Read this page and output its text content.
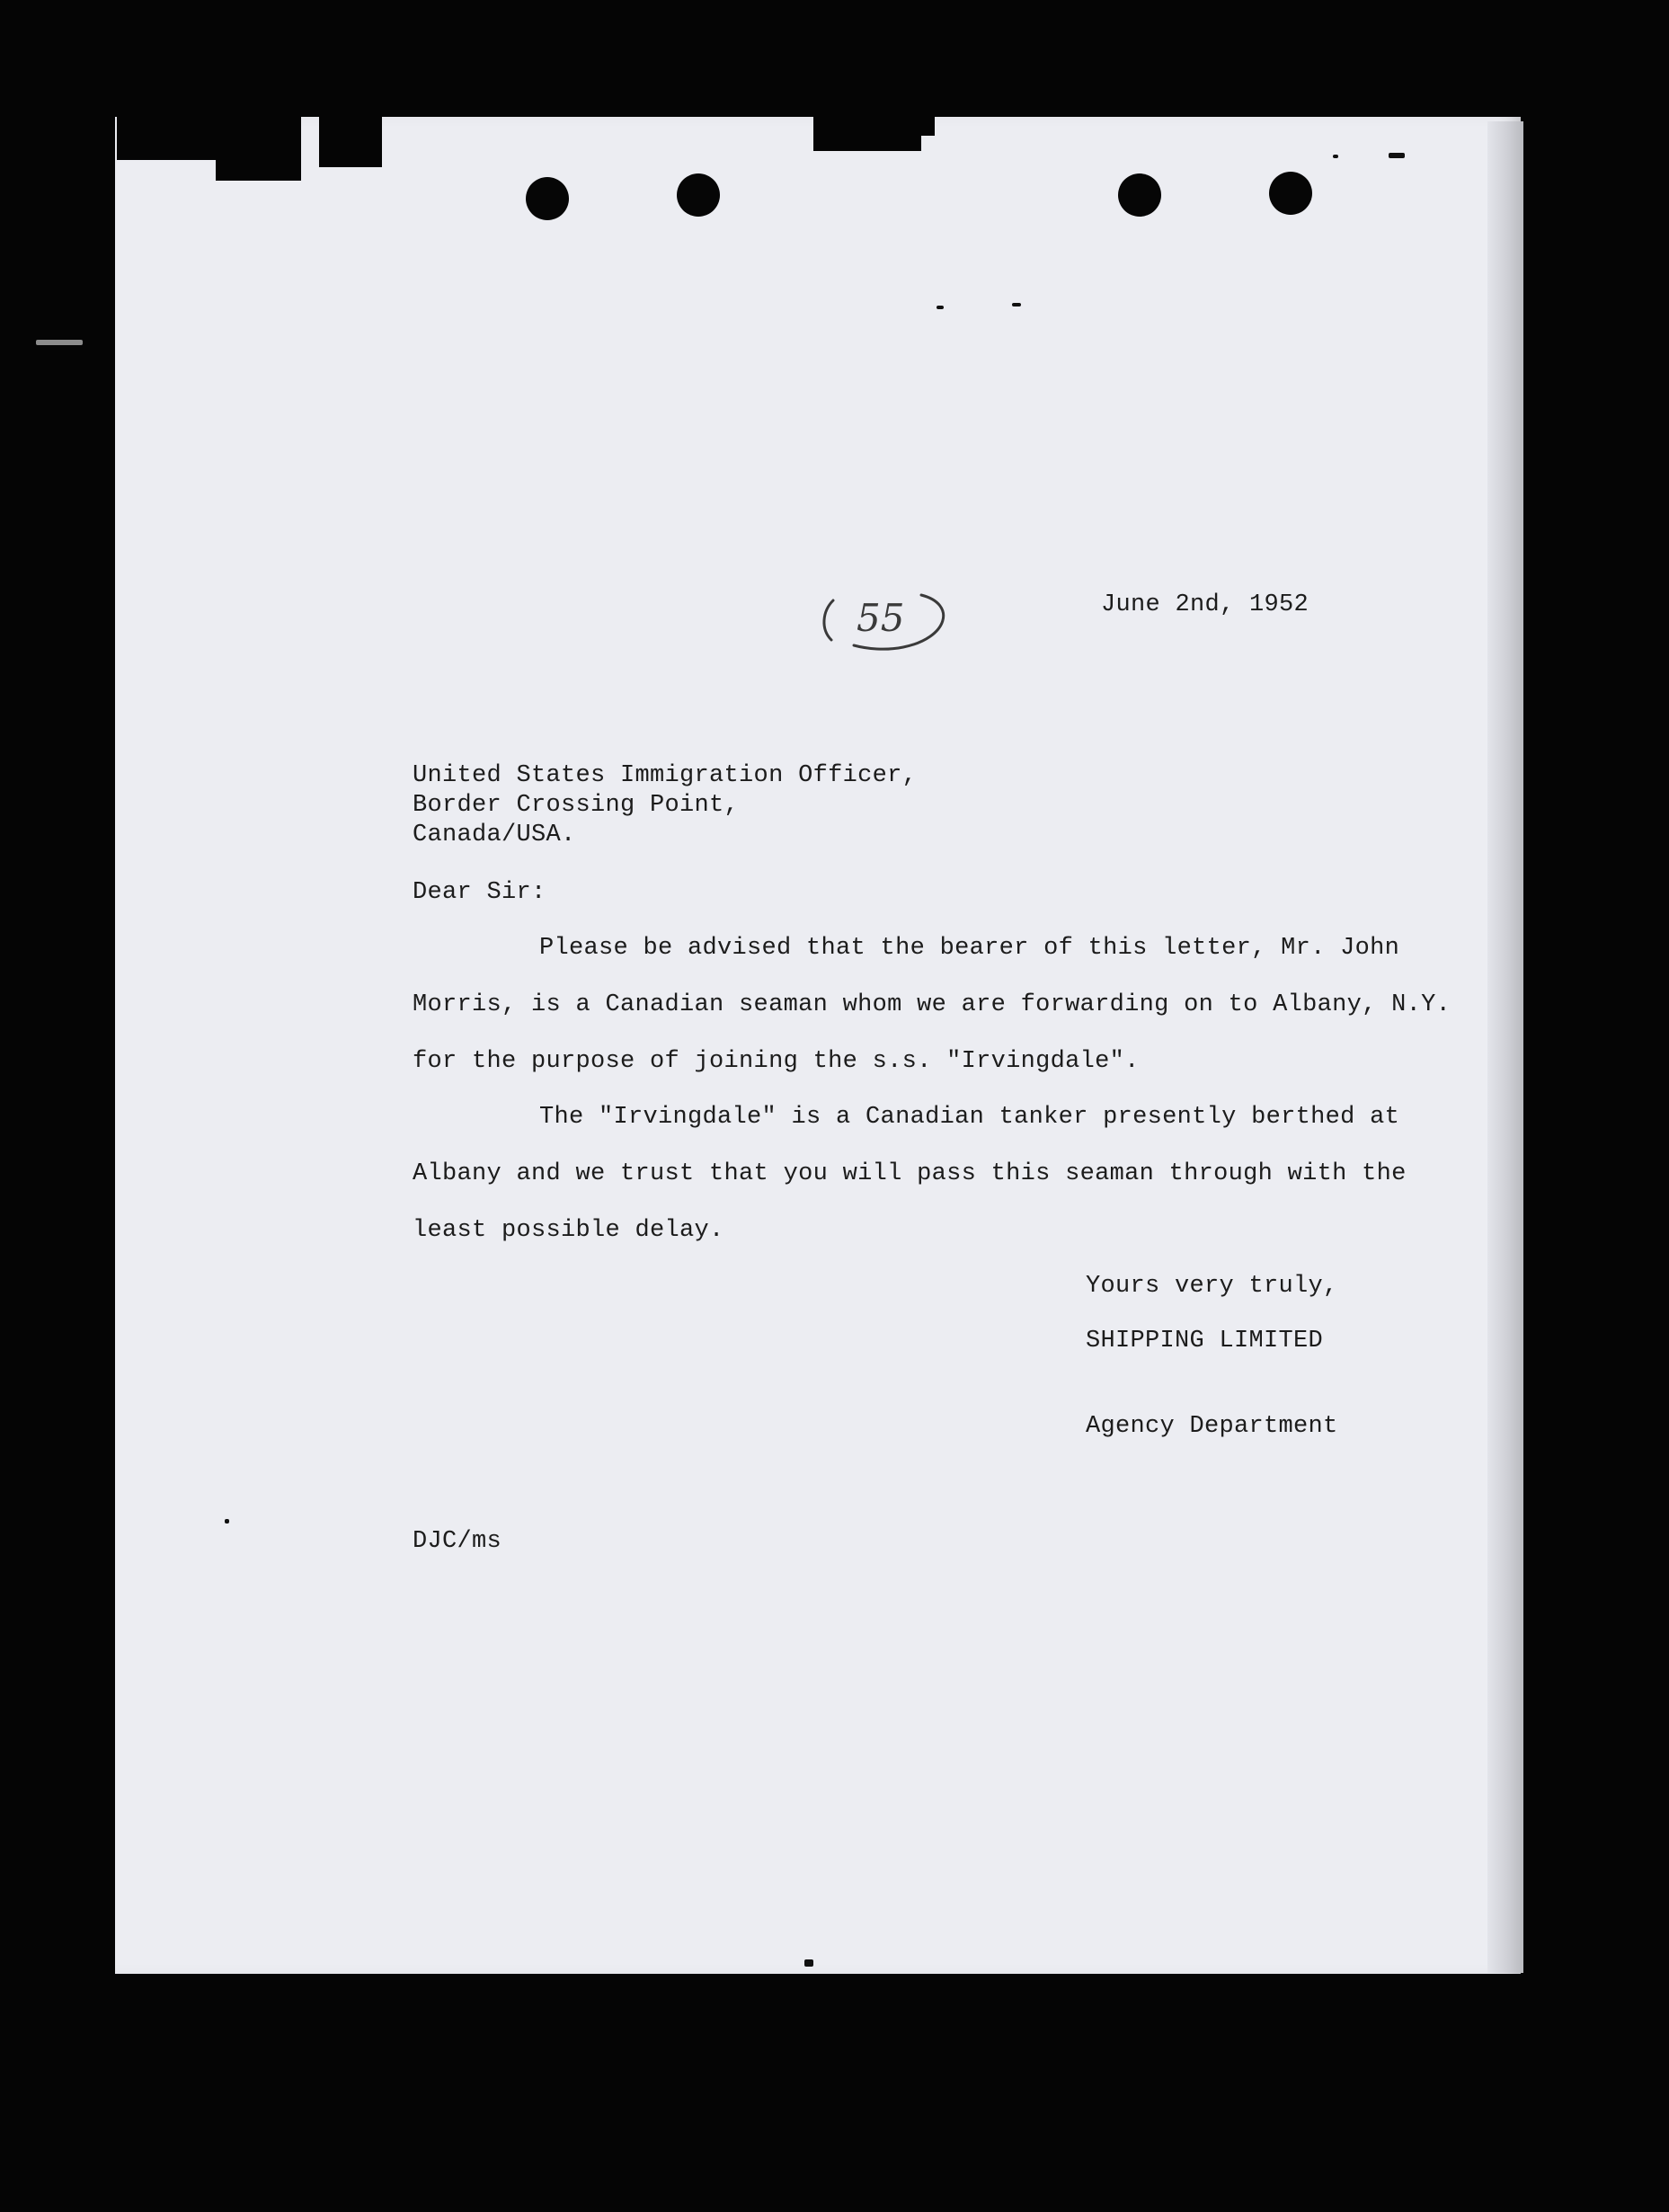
55	June 2nd, 1952
United States Immigration Officer,
Border Crossing Point,
Canada/USA.
Dear Sir:
Please be advised that the bearer of this letter, Mr. John
Morris, is a Canadian seaman whom we are forwarding on to Albany, N.Y.
for the purpose of joining the s.s. "Irvingdale".
The "Irvingdale" is a Canadian tanker presently berthed at
Albany and we trust that you will pass this seaman through with the
least possible delay.
Yours very truly,
SHIPPING LIMITED
Agency Department
DJC/ms
